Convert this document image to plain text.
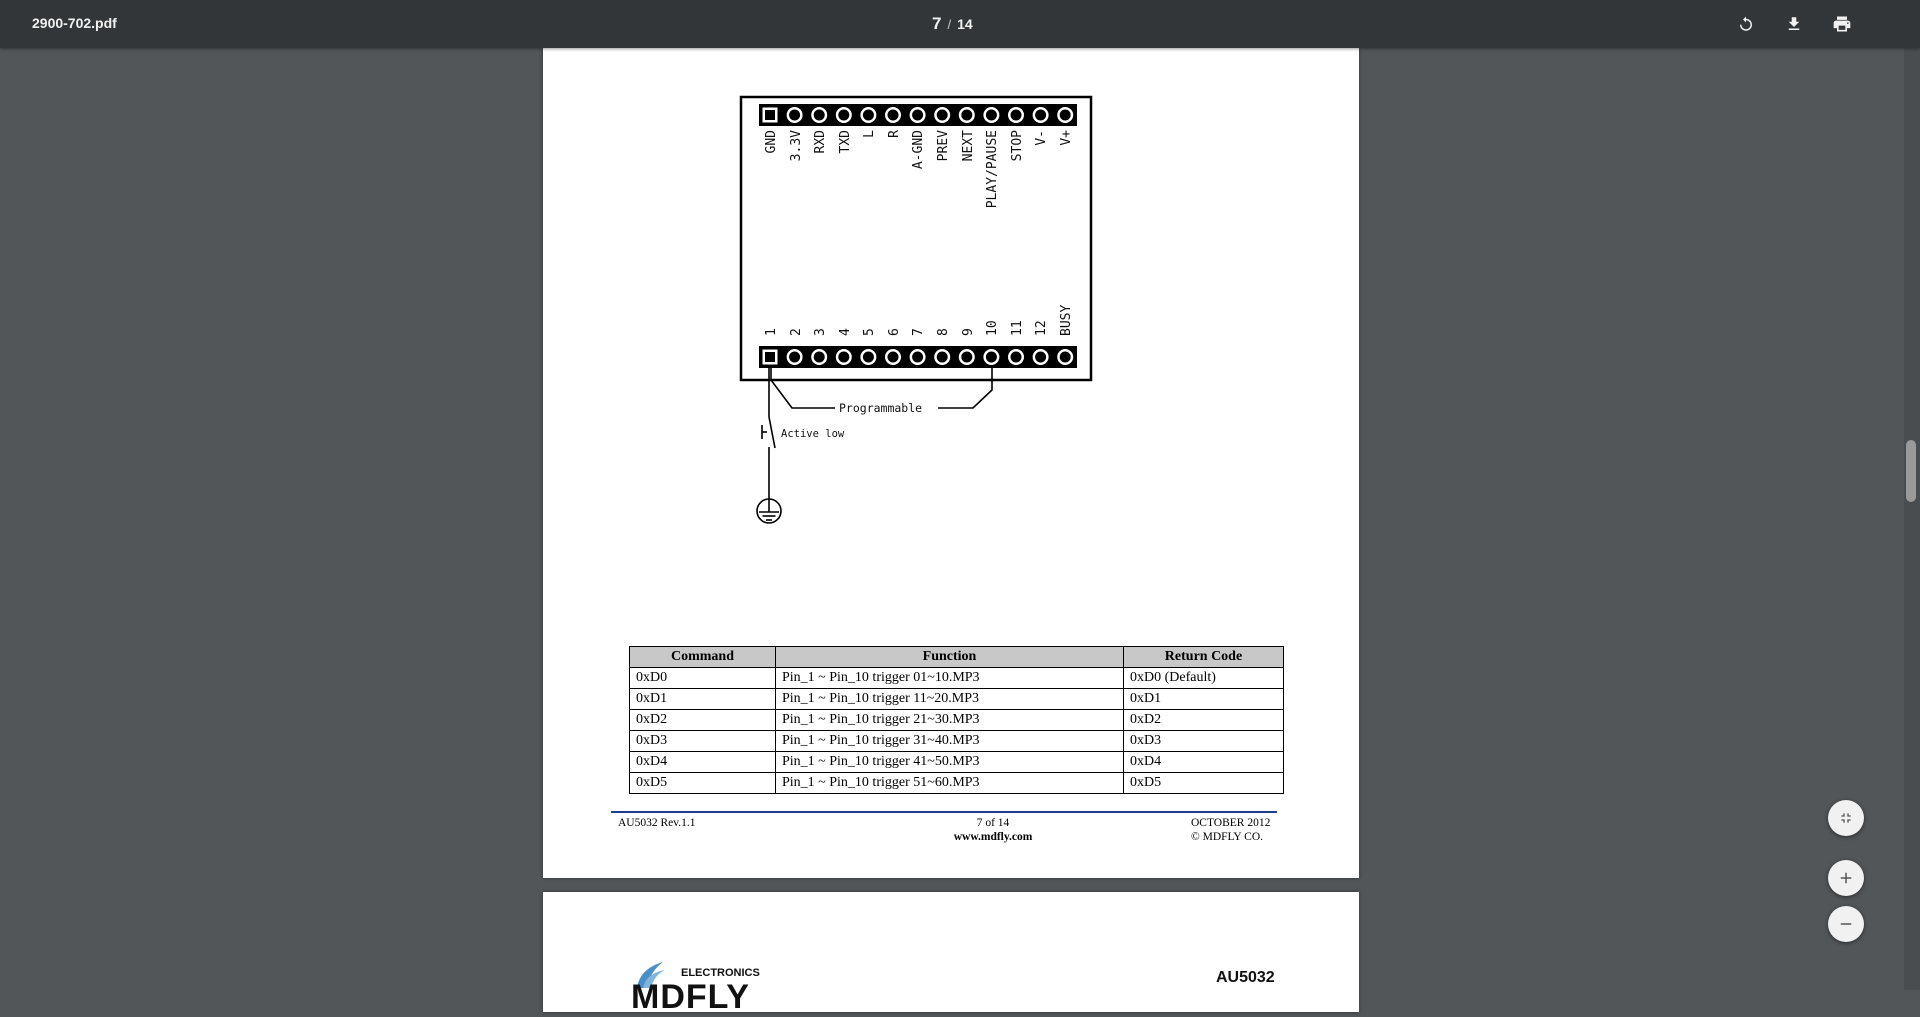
2900-702.pdf	7 / 14
GND 3.3V RXD TXD L R A-GND PREV NEXT PLAY/PAUSE STOP V- V+
1 2 3 4 5 6 7 8 9 10 11 12 BUSY
Programmable
Active low
Command	Function	Return Code
0xD0	Pin_1 ~ Pin_10 trigger 01~10.MP3	0xD0 (Default)
0xD1	Pin_1 ~ Pin_10 trigger 11~20.MP3	0xD1
0xD2	Pin_1 ~ Pin_10 trigger 21~30.MP3	0xD2
0xD3	Pin_1 ~ Pin_10 trigger 31~40.MP3	0xD3
0xD4	Pin_1 ~ Pin_10 trigger 41~50.MP3	0xD4
0xD5	Pin_1 ~ Pin_10 trigger 51~60.MP3	0xD5
AU5032 Rev.1.1	7 of 14
www.mdfly.com
OCTOBER 2012
© MDFLY CO.
ELECTRONICS
MDFLY
AU5032
